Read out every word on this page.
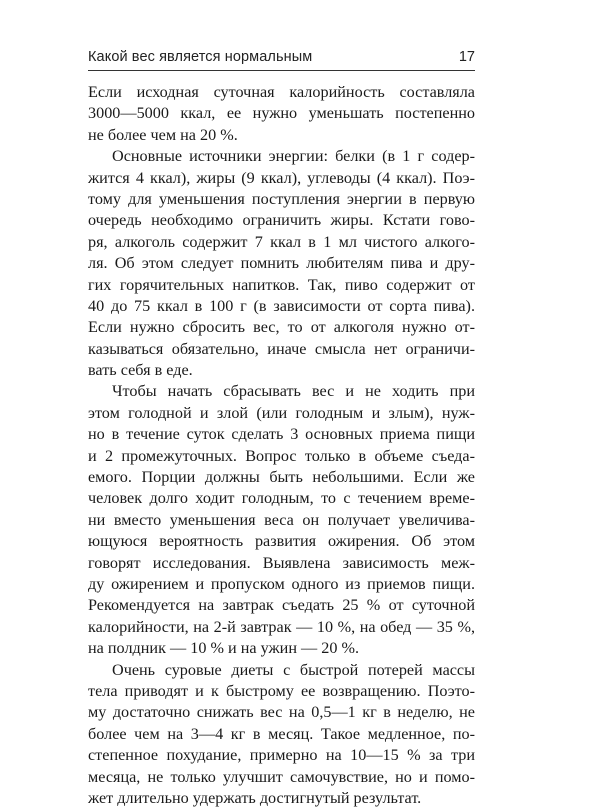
Какой вес является нормальным	17
Если исходная суточная калорийность составляла
3000—5000 ккал, ее нужно уменьшать постепенно
не более чем на 20 %.
Основные источники энергии: белки (в 1 г содер-
жится 4 ккал), жиры (9 ккал), углеводы (4 ккал). Поэ-
тому для уменьшения поступления энергии в первую
очередь необходимо ограничить жиры. Кстати гово-
ря, алкоголь содержит 7 ккал в 1 мл чистого алкого-
ля. Об этом следует помнить любителям пива и дру-
гих горячительных напитков. Так, пиво содержит от
40 до 75 ккал в 100 г (в зависимости от сорта пива).
Если нужно сбросить вес, то от алкоголя нужно от-
казываться обязательно, иначе смысла нет ограничи-
вать себя в еде.
Чтобы начать сбрасывать вес и не ходить при
этом голодной и злой (или голодным и злым), нуж-
но в течение суток сделать 3 основных приема пищи
и 2 промежуточных. Вопрос только в объеме съеда-
емого. Порции должны быть небольшими. Если же
человек долго ходит голодным, то с течением време-
ни вместо уменьшения веса он получает увеличива-
ющуюся вероятность развития ожирения. Об этом
говорят исследования. Выявлена зависимость меж-
ду ожирением и пропуском одного из приемов пищи.
Рекомендуется на завтрак съедать 25 % от суточной
калорийности, на 2-й завтрак — 10 %, на обед — 35 %,
на полдник — 10 % и на ужин — 20 %.
Очень суровые диеты с быстрой потерей массы
тела приводят и к быстрому ее возвращению. Поэто-
му достаточно снижать вес на 0,5—1 кг в неделю, не
более чем на 3—4 кг в месяц. Такое медленное, по-
степенное похудание, примерно на 10—15 % за три
месяца, не только улучшит самочувствие, но и помо-
жет длительно удержать достигнутый результат.
